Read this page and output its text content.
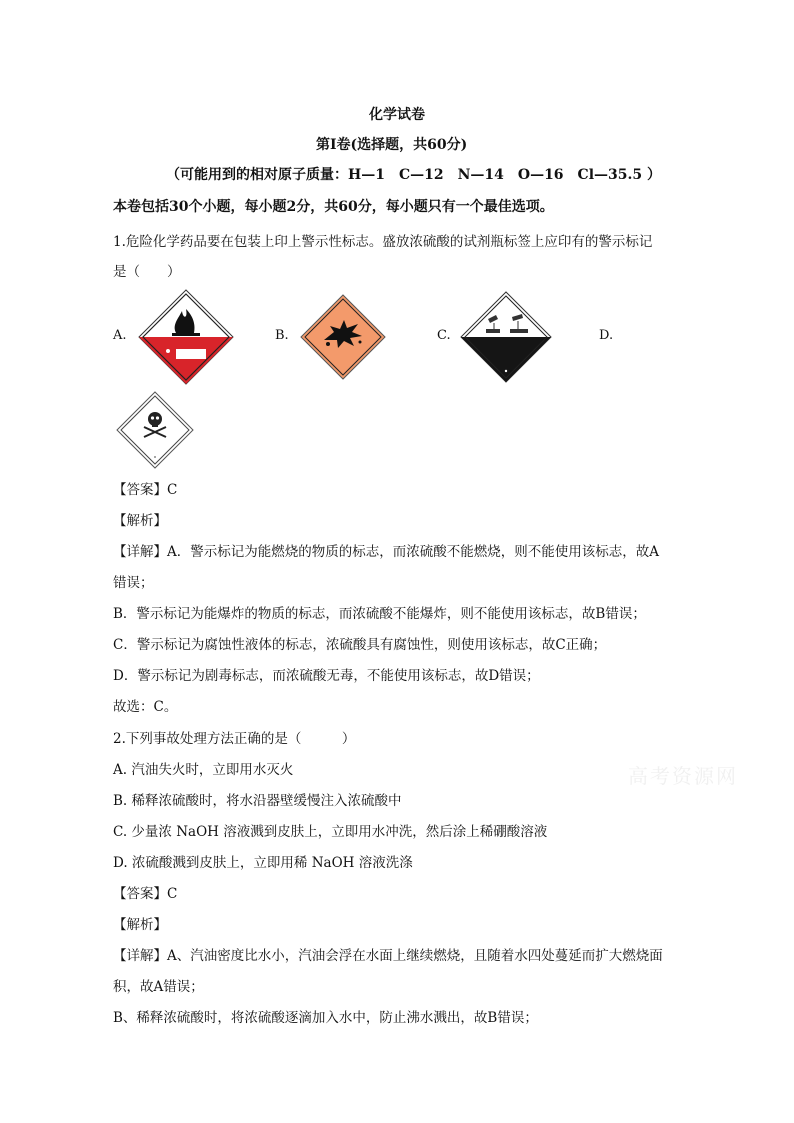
化学试卷
第Ⅰ卷(选择题，共60分)
（可能用到的相对原子质量：H—1　C—12　N—14　O—16　Cl—35.5 ）
本卷包括30个小题，每小题2分，共60分，每小题只有一个最佳选项。
1.危险化学药品要在包装上印上警示性标志。盛放浓硫酸的试剂瓶标签上应印有的警示标记
是（　　）
A.	B.	C.	D.
【答案】C
【解析】
【详解】A．警示标记为能燃烧的物质的标志，而浓硫酸不能燃烧，则不能使用该标志，故A
错误；
B．警示标记为能爆炸的物质的标志，而浓硫酸不能爆炸，则不能使用该标志，故B错误；
C．警示标记为腐蚀性液体的标志，浓硫酸具有腐蚀性，则使用该标志，故C正确；
D．警示标记为剧毒标志，而浓硫酸无毒，不能使用该标志，故D错误；
故选：C。
2.下列事故处理方法正确的是（　　　）
A. 汽油失火时，立即用水灭火
B. 稀释浓硫酸时，将水沿器壁缓慢注入浓硫酸中
C. 少量浓 NaOH 溶液溅到皮肤上，立即用水冲洗，然后涂上稀硼酸溶液
D. 浓硫酸溅到皮肤上，立即用稀 NaOH 溶液洗涤
【答案】C
【解析】
【详解】A、汽油密度比水小，汽油会浮在水面上继续燃烧，且随着水四处蔓延而扩大燃烧面
积，故A错误；
B、稀释浓硫酸时，将浓硫酸逐滴加入水中，防止沸水溅出，故B错误；
高考资源网
